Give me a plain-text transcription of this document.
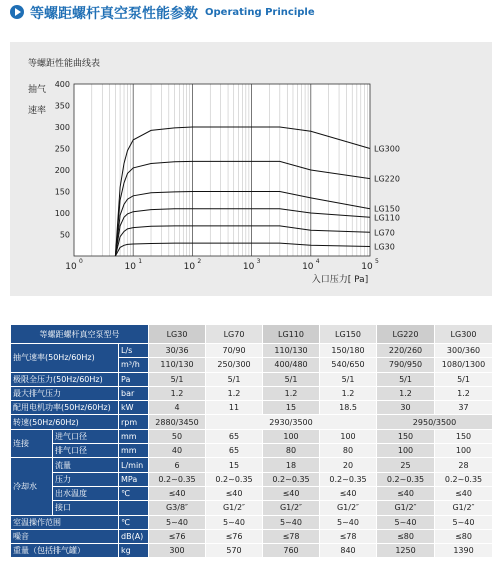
等螺距螺杆真空泵性能参数 Operating Principle
400
350
300
250
200
150
100
50
10
0
10
1
10
2
10
3
10
4
10
5
等螺距性能曲线表
抽气
速率
入口压力[ Pa]
LG300
LG220
LG150
LG110
LG70
LG30
等螺距螺杆真空泵型号			LG30	LG70	LG110	LG150	LG220	LG300
抽气速率(50Hz/60Hz)		L/s	30/36	70/90	110/130	150/180	220/260	300/360
		m³/h	110/130	250/300	400/480	540/650	790/950	1080/1300
极限全压力(50Hz/60Hz)		Pa	5/1	5/1	5/1	5/1	5/1	5/1
最大排气压力		bar	1.2	1.2	1.2	1.2	1.2	1.2
配用电机功率(50Hz/60Hz)		kW	4	11	15	18.5	30	37
转速(50Hz/60Hz)		rpm	2880/3450	2930/3500			2950/3500	
连接	进气口径	mm	50	65	100	100	150	150
	排气口径	mm	40	65	80	80	100	100
冷却水	流量	L/min	6	15	18	20	25	28
	压力	MPa	0.2~0.35	0.2~0.35	0.2~0.35	0.2~0.35	0.2~0.35	0.2~0.35
	出水温度	℃	≤40	≤40	≤40	≤40	≤40	≤40
	接口		G3/8″	G1/2″	G1/2″	G1/2″	G1/2″	G1/2″
室温操作范围		℃	5~40	5~40	5~40	5~40	5~40	5~40
噪音		dB(A)	≤76	≤76	≤78	≤78	≤80	≤80
重量（包括排气罐）		kg	300	570	760	840	1250	1390
